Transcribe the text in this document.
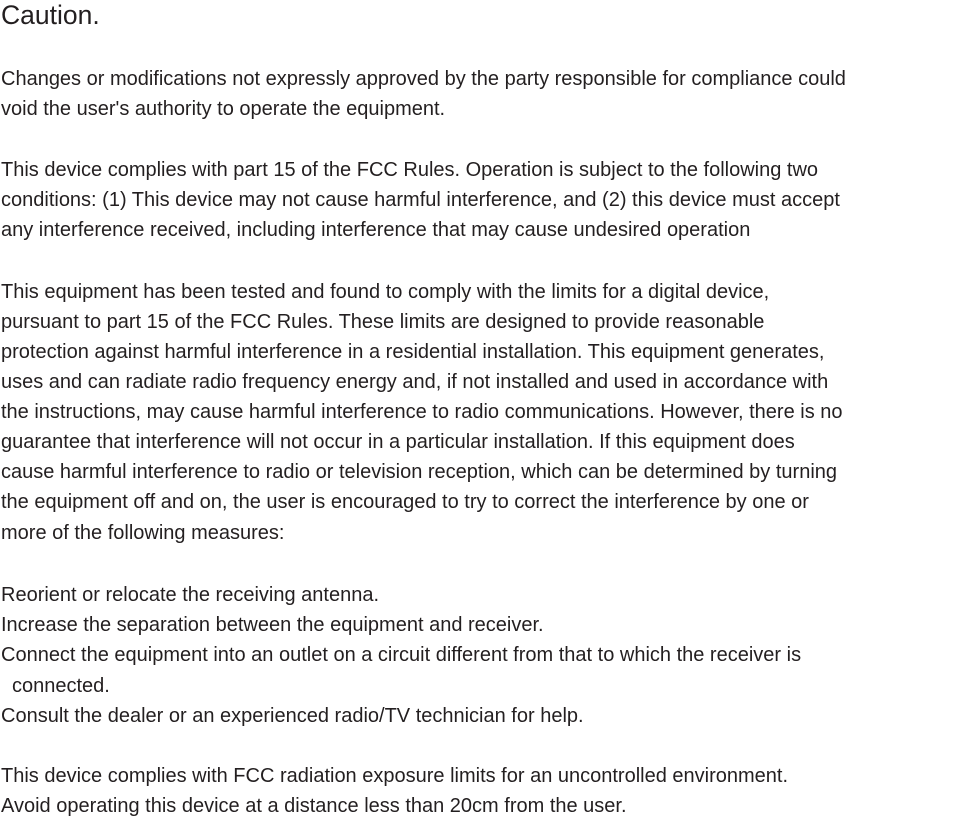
Caution.
Changes or modifications not expressly approved by the party responsible for compliance could
void the user's authority to operate the equipment.
This device complies with part 15 of the FCC Rules. Operation is subject to the following two
conditions: (1) This device may not cause harmful interference, and (2) this device must accept
any interference received, including interference that may cause undesired operation
This equipment has been tested and found to comply with the limits for a digital device,
pursuant to part 15 of the FCC Rules. These limits are designed to provide reasonable
protection against harmful interference in a residential installation. This equipment generates,
uses and can radiate radio frequency energy and, if not installed and used in accordance with
the instructions, may cause harmful interference to radio communications. However, there is no
guarantee that interference will not occur in a particular installation. If this equipment does
cause harmful interference to radio or television reception, which can be determined by turning
the equipment off and on, the user is encouraged to try to correct the interference by one or
more of the following measures:
Reorient or relocate the receiving antenna.
Increase the separation between the equipment and receiver.
Connect the equipment into an outlet on a circuit different from that to which the receiver is
connected.
Consult the dealer or an experienced radio/TV technician for help.
This device complies with FCC radiation exposure limits for an uncontrolled environment.
Avoid operating this device at a distance less than 20cm from the user.
